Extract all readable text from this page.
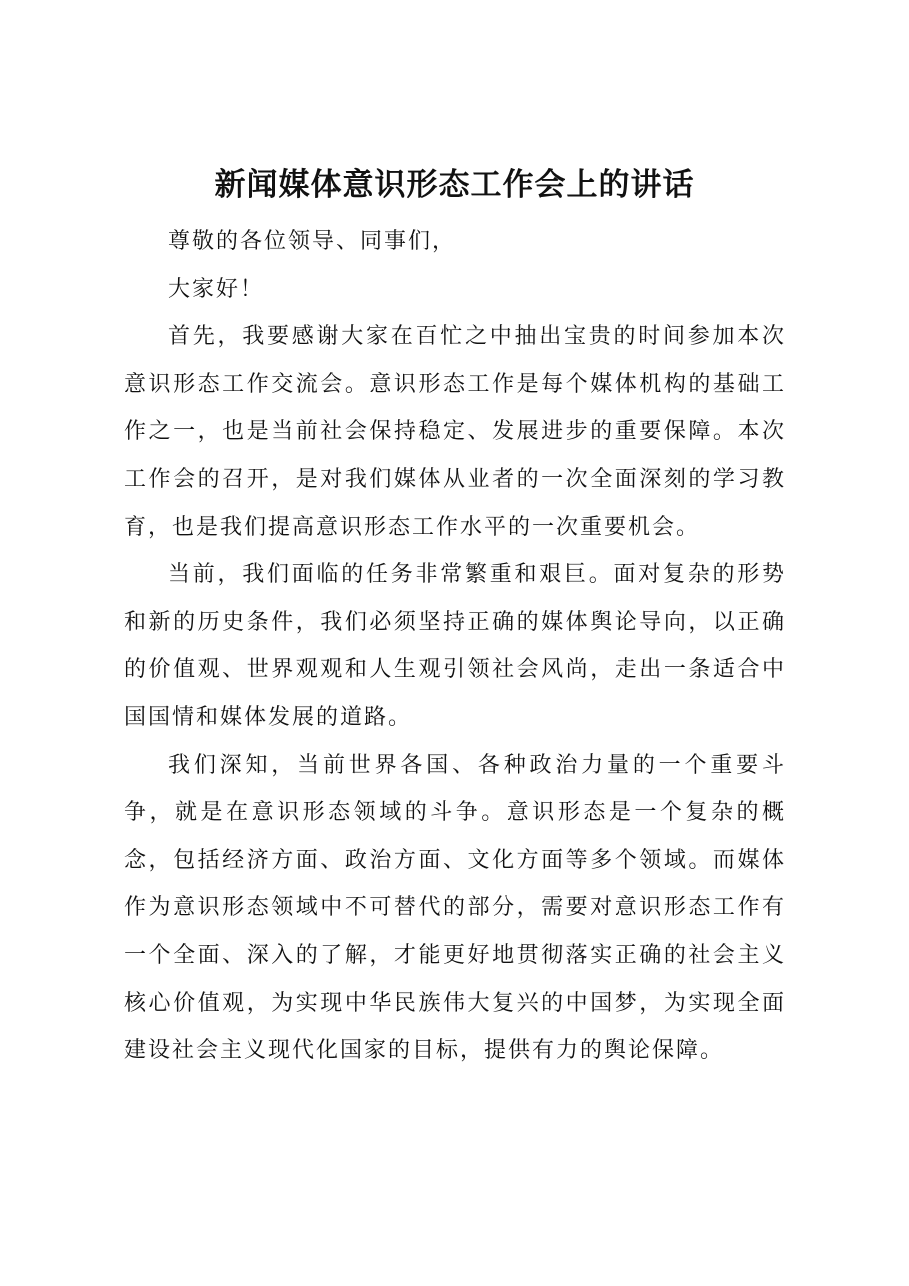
新闻媒体意识形态工作会上的讲话

尊敬的各位领导、同事们，

大家好！

首先，我要感谢大家在百忙之中抽出宝贵的时间参加本次意识形态工作交流会。意识形态工作是每个媒体机构的基础工作之一，也是当前社会保持稳定、发展进步的重要保障。本次工作会的召开，是对我们媒体从业者的一次全面深刻的学习教育，也是我们提高意识形态工作水平的一次重要机会。

当前，我们面临的任务非常繁重和艰巨。面对复杂的形势和新的历史条件，我们必须坚持正确的媒体舆论导向，以正确的价值观、世界观观和人生观引领社会风尚，走出一条适合中国国情和媒体发展的道路。

我们深知，当前世界各国、各种政治力量的一个重要斗争，就是在意识形态领域的斗争。意识形态是一个复杂的概念，包括经济方面、政治方面、文化方面等多个领域。而媒体作为意识形态领域中不可替代的部分，需要对意识形态工作有一个全面、深入的了解，才能更好地贯彻落实正确的社会主义核心价值观，为实现中华民族伟大复兴的中国梦，为实现全面建设社会主义现代化国家的目标，提供有力的舆论保障。
